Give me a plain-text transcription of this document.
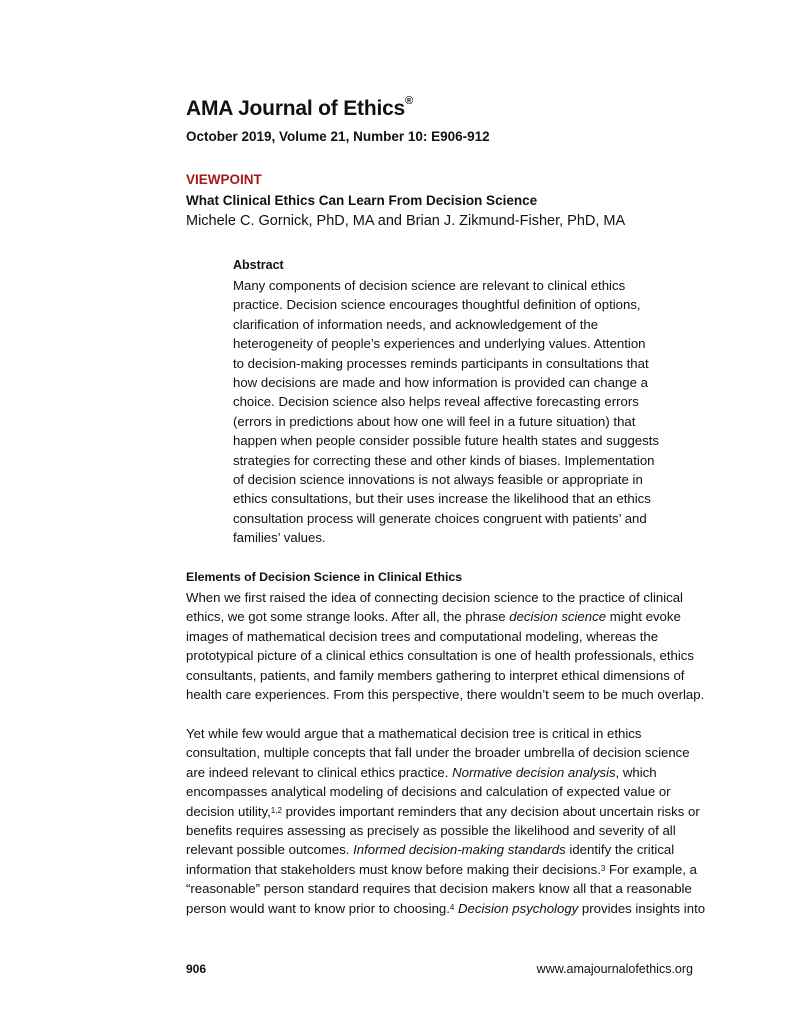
AMA Journal of Ethics®
October 2019, Volume 21, Number 10: E906-912
VIEWPOINT
What Clinical Ethics Can Learn From Decision Science
Michele C. Gornick, PhD, MA and Brian J. Zikmund-Fisher, PhD, MA
Abstract
Many components of decision science are relevant to clinical ethics
practice. Decision science encourages thoughtful definition of options,
clarification of information needs, and acknowledgement of the
heterogeneity of people’s experiences and underlying values. Attention
to decision-making processes reminds participants in consultations that
how decisions are made and how information is provided can change a
choice. Decision science also helps reveal affective forecasting errors
(errors in predictions about how one will feel in a future situation) that
happen when people consider possible future health states and suggests
strategies for correcting these and other kinds of biases. Implementation
of decision science innovations is not always feasible or appropriate in
ethics consultations, but their uses increase the likelihood that an ethics
consultation process will generate choices congruent with patients’ and
families’ values.
Elements of Decision Science in Clinical Ethics
When we first raised the idea of connecting decision science to the practice of clinical
ethics, we got some strange looks. After all, the phrase decision science might evoke
images of mathematical decision trees and computational modeling, whereas the
prototypical picture of a clinical ethics consultation is one of health professionals, ethics
consultants, patients, and family members gathering to interpret ethical dimensions of
health care experiences. From this perspective, there wouldn’t seem to be much overlap.
Yet while few would argue that a mathematical decision tree is critical in ethics
consultation, multiple concepts that fall under the broader umbrella of decision science
are indeed relevant to clinical ethics practice. Normative decision analysis, which
encompasses analytical modeling of decisions and calculation of expected value or
decision utility,$^{1,2}$ provides important reminders that any decision about uncertain risks or
benefits requires assessing as precisely as possible the likelihood and severity of all
relevant possible outcomes. Informed decision-making standards identify the critical
information that stakeholders must know before making their decisions.$^3$ For example, a
“reasonable” person standard requires that decision makers know all that a reasonable
person would want to know prior to choosing.$^4$ Decision psychology provides insights into
906	www.amajournalofethics.org
